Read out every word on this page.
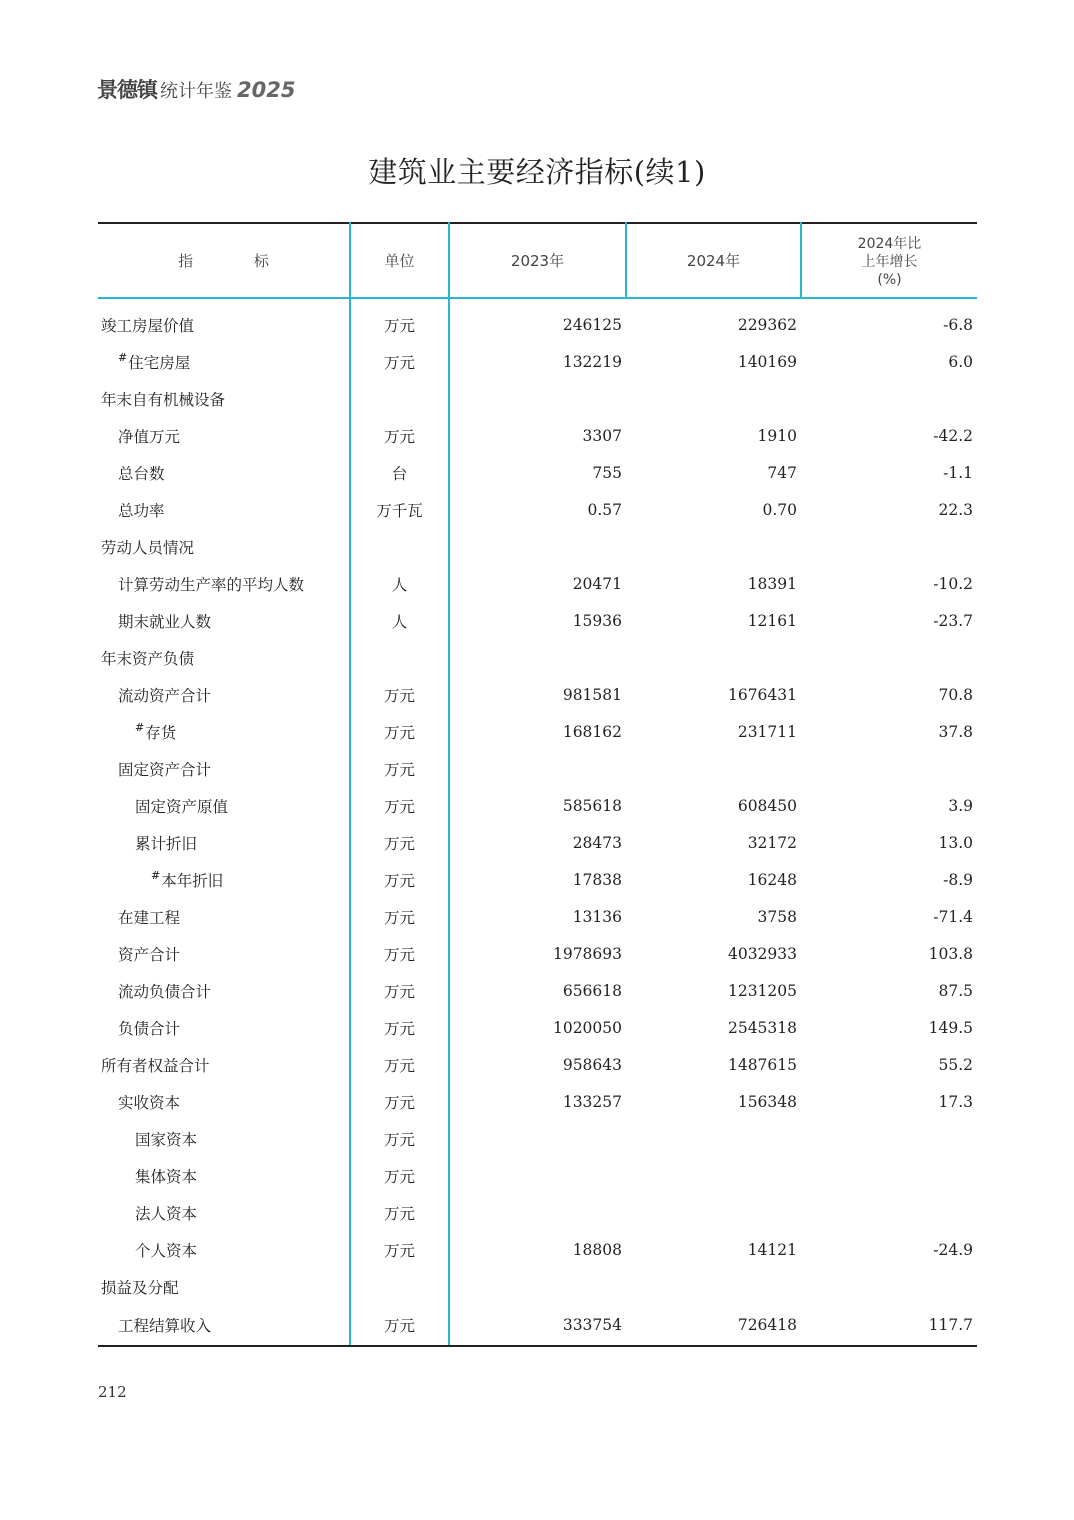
景德镇 统计年鉴 2025
建筑业主要经济指标(续1)
指 标	单位	2023年	2024年	2024年比
上年增长
(%)

竣工房屋价值	万元	246125	229362	-6.8
#住宅房屋	万元	132219	140169	6.0
年末自有机械设备				
净值万元	万元	3307	1910	-42.2
总台数	台	755	747	-1.1
总功率	万千瓦	0.57	0.70	22.3
劳动人员情况				
计算劳动生产率的平均人数	人	20471	18391	-10.2
期末就业人数	人	15936	12161	-23.7
年末资产负债				
流动资产合计	万元	981581	1676431	70.8
#存货	万元	168162	231711	37.8
固定资产合计	万元			
固定资产原值	万元	585618	608450	3.9
累计折旧	万元	28473	32172	13.0
#本年折旧	万元	17838	16248	-8.9
在建工程	万元	13136	3758	-71.4
资产合计	万元	1978693	4032933	103.8
流动负债合计	万元	656618	1231205	87.5
负债合计	万元	1020050	2545318	149.5
所有者权益合计	万元	958643	1487615	55.2
实收资本	万元	133257	156348	17.3
国家资本	万元			
集体资本	万元			
法人资本	万元			
个人资本	万元	18808	14121	-24.9
损益及分配				
工程结算收入	万元	333754	726418	117.7
212
